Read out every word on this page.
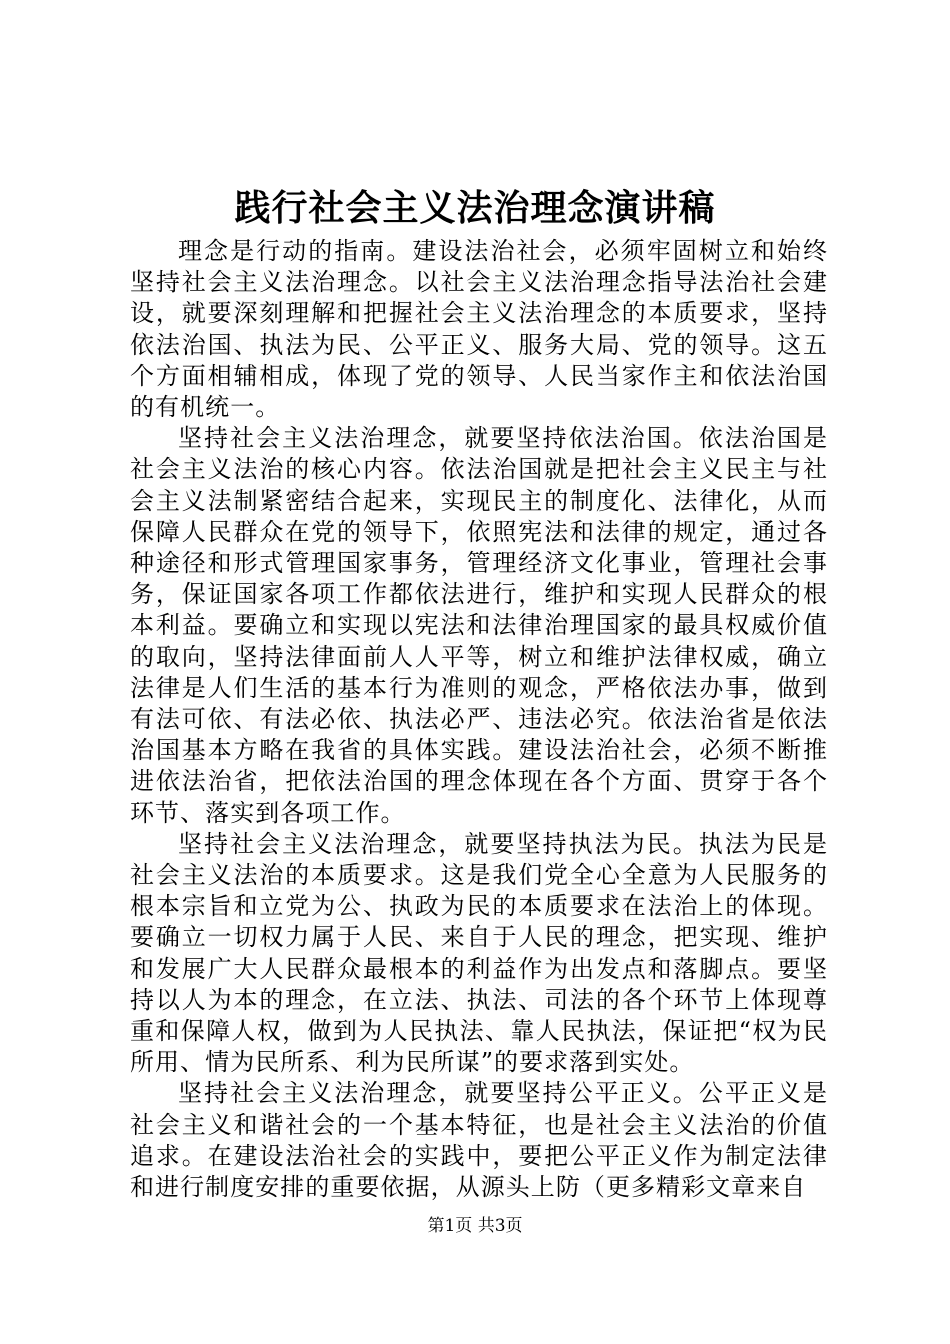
践行社会主义法治理念演讲稿

理念是行动的指南。建设法治社会，必须牢固树立和始终坚持社会主义法治理念。以社会主义法治理念指导法治社会建设，就要深刻理解和把握社会主义法治理念的本质要求，坚持依法治国、执法为民、公平正义、服务大局、党的领导。这五个方面相辅相成，体现了党的领导、人民当家作主和依法治国的有机统一。

坚持社会主义法治理念，就要坚持依法治国。依法治国是社会主义法治的核心内容。依法治国就是把社会主义民主与社会主义法制紧密结合起来，实现民主的制度化、法律化，从而保障人民群众在党的领导下，依照宪法和法律的规定，通过各种途径和形式管理国家事务，管理经济文化事业，管理社会事务，保证国家各项工作都依法进行，维护和实现人民群众的根本利益。要确立和实现以宪法和法律治理国家的最具权威价值的取向，坚持法律面前人人平等，树立和维护法律权威，确立法律是人们生活的基本行为准则的观念，严格依法办事，做到有法可依、有法必依、执法必严、违法必究。依法治省是依法治国基本方略在我省的具体实践。建设法治社会，必须不断推进依法治省，把依法治国的理念体现在各个方面、贯穿于各个环节、落实到各项工作。

坚持社会主义法治理念，就要坚持执法为民。执法为民是社会主义法治的本质要求。这是我们党全心全意为人民服务的根本宗旨和立党为公、执政为民的本质要求在法治上的体现。要确立一切权力属于人民、来自于人民的理念，把实现、维护和发展广大人民群众最根本的利益作为出发点和落脚点。要坚持以人为本的理念，在立法、执法、司法的各个环节上体现尊重和保障人权，做到为人民执法、靠人民执法，保证把“权为民所用、情为民所系、利为民所谋”的要求落到实处。

坚持社会主义法治理念，就要坚持公平正义。公平正义是社会主义和谐社会的一个基本特征，也是社会主义法治的价值追求。在建设法治社会的实践中，要把公平正义作为制定法律和进行制度安排的重要依据，从源头上防（更多精彩文章来自

第1页 共3页
